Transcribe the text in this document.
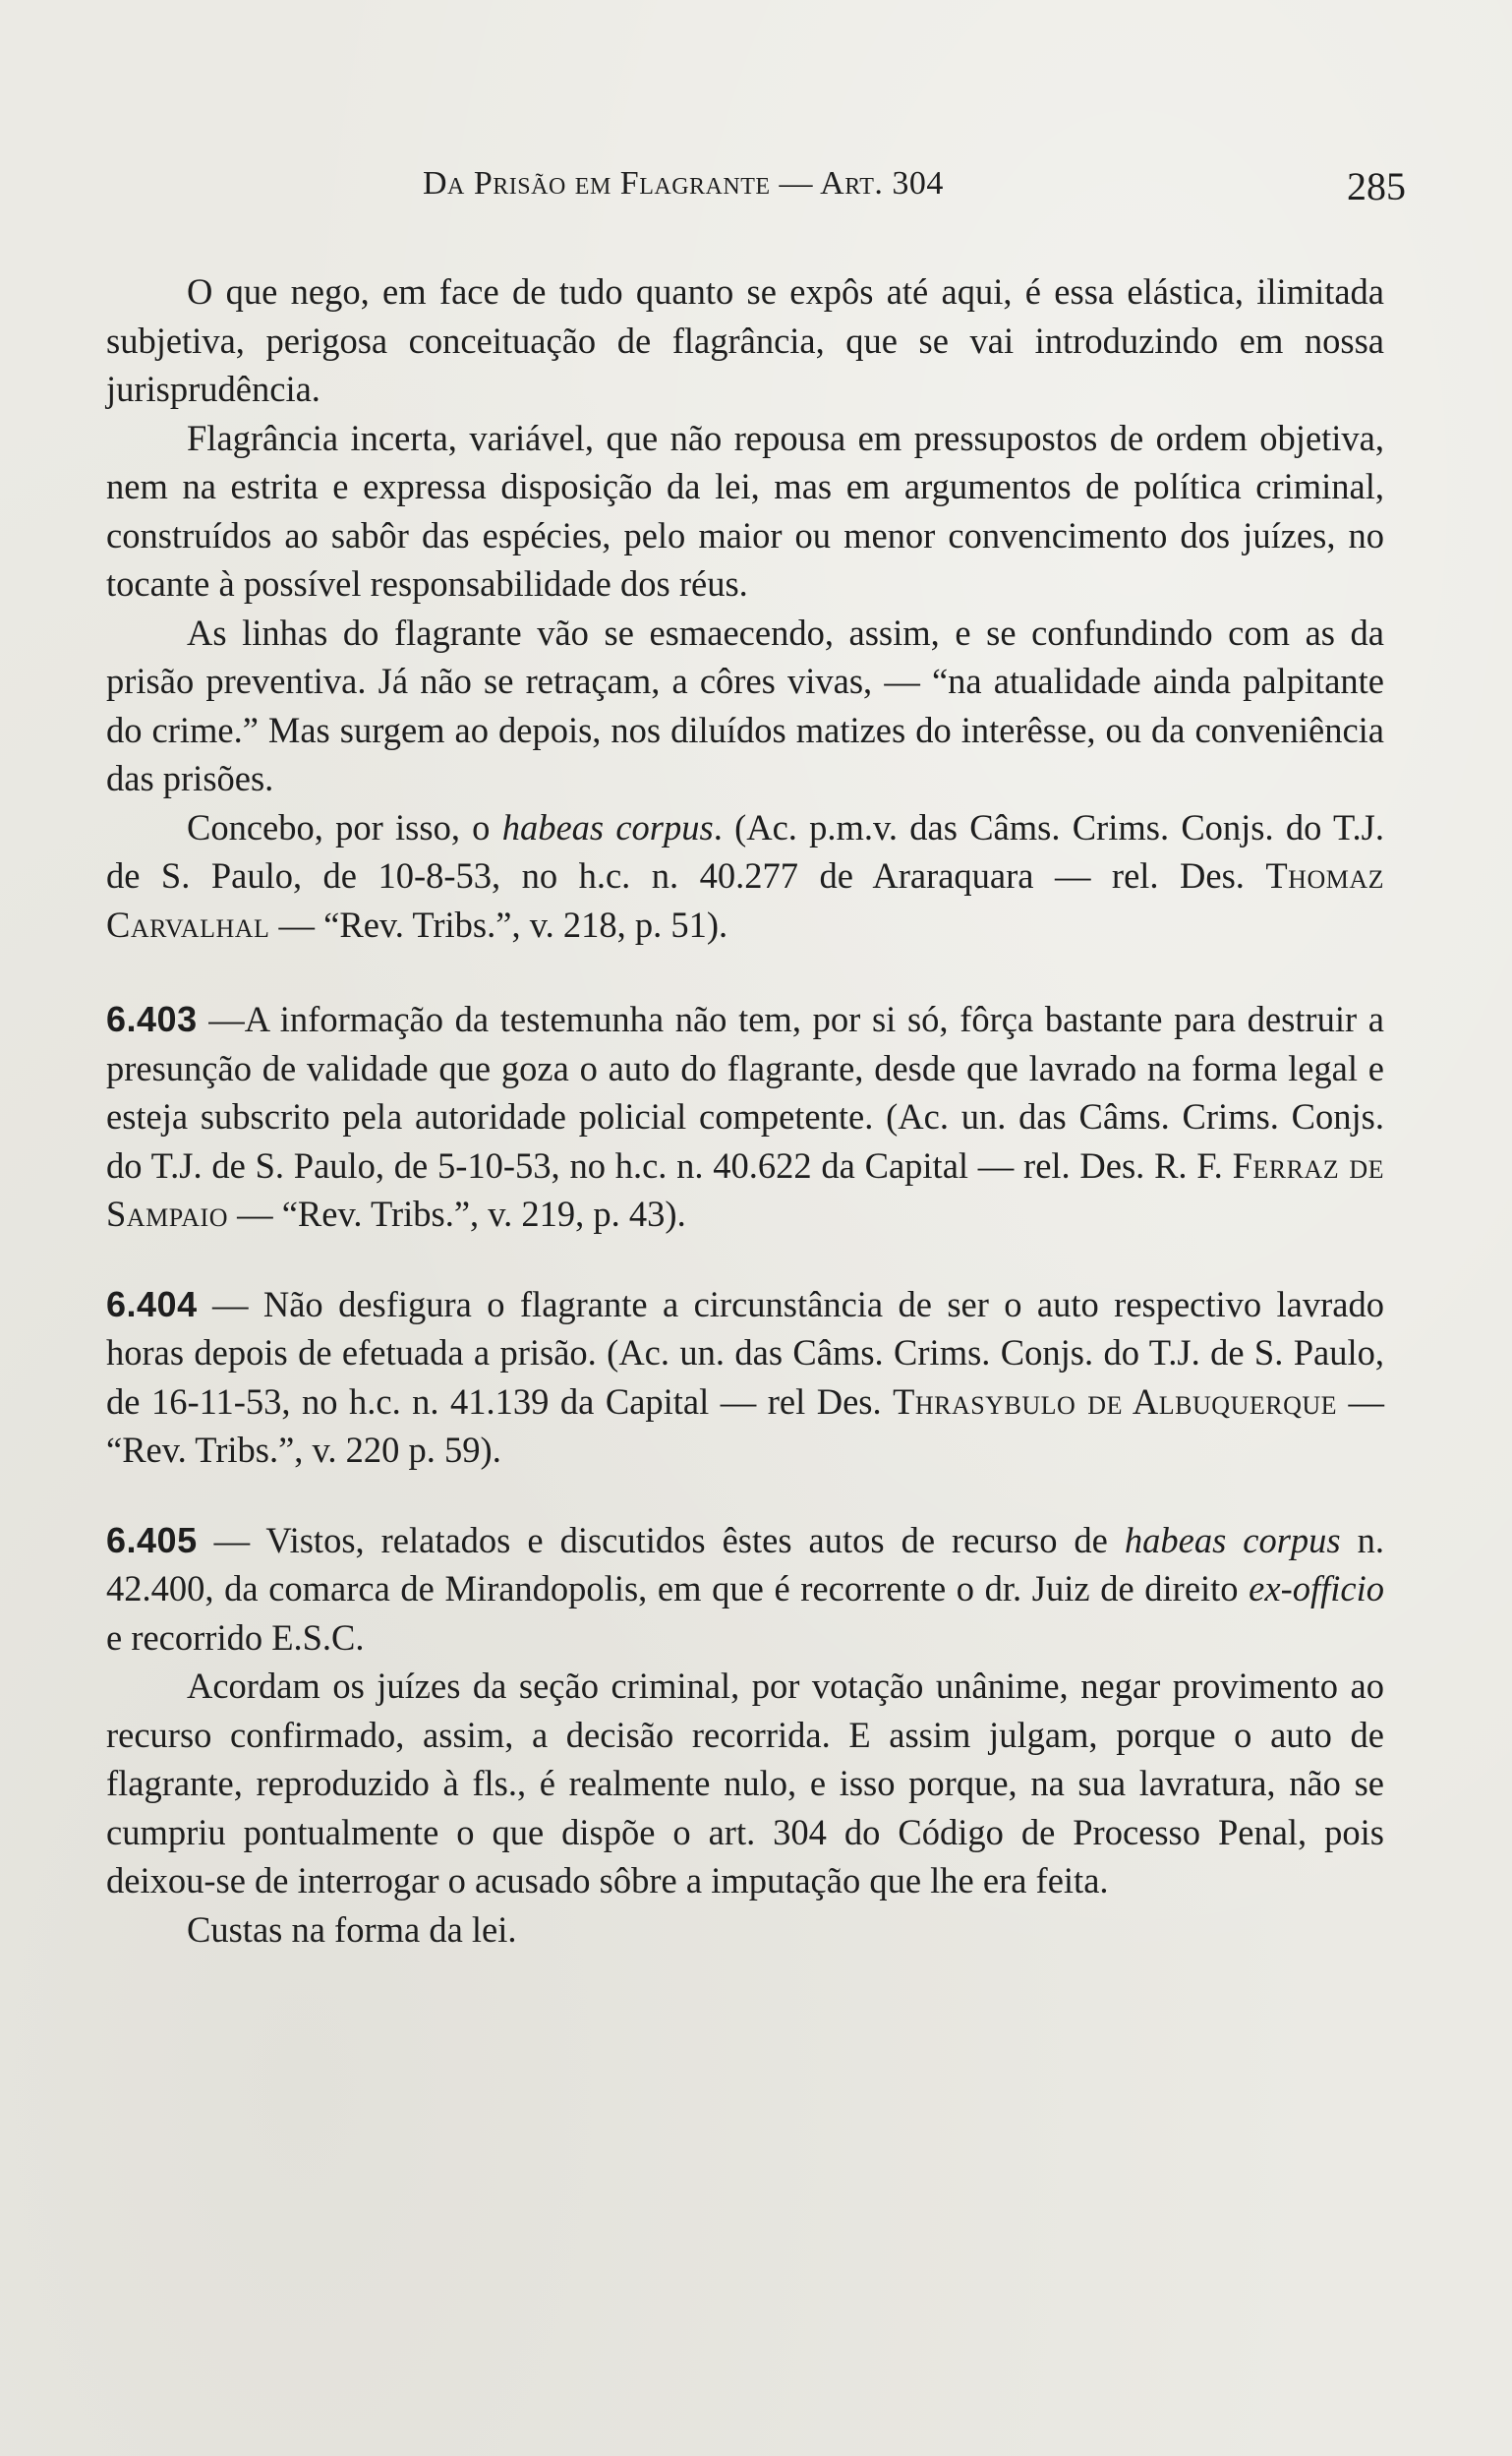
Da Prisão em Flagrante — Art. 304	285

O que nego, em face de tudo quanto se expôs até aqui, é essa elástica, ilimitada subjetiva, perigosa conceituação de flagrância, que se vai introduzindo em nossa jurisprudência.

Flagrância incerta, variável, que não repousa em pressupostos de ordem objetiva, nem na estrita e expressa disposição da lei, mas em argumentos de política criminal, construídos ao sabôr das espécies, pelo maior ou menor convencimento dos juízes, no tocante à possível responsabilidade dos réus.

As linhas do flagrante vão se esmaecendo, assim, e se confundindo com as da prisão preventiva. Já não se retraçam, a côres vivas, — “na atualidade ainda palpitante do crime.” Mas surgem ao depois, nos diluídos matizes do interêsse, ou da conveniência das prisões.

Concebo, por isso, o habeas corpus. (Ac. p.m.v. das Câms. Crims. Conjs. do T.J. de S. Paulo, de 10-8-53, no h.c. n. 40.277 de Araraquara — rel. Des. Thomaz Carvalhal — “Rev. Tribs.”, v. 218, p. 51).

6.403 —A informação da testemunha não tem, por si só, fôrça bastante para destruir a presunção de validade que goza o auto do flagrante, desde que lavrado na forma legal e esteja subscrito pela autoridade policial competente. (Ac. un. das Câms. Crims. Conjs. do T.J. de S. Paulo, de 5-10-53, no h.c. n. 40.622 da Capital — rel. Des. R. F. Ferraz de Sampaio — “Rev. Tribs.”, v. 219, p. 43).

6.404 — Não desfigura o flagrante a circunstância de ser o auto respectivo lavrado horas depois de efetuada a prisão. (Ac. un. das Câms. Crims. Conjs. do T.J. de S. Paulo, de 16-11-53, no h.c. n. 41.139 da Capital — rel Des. Thrasybulo de Albuquerque — “Rev. Tribs.”, v. 220 p. 59).

6.405 — Vistos, relatados e discutidos êstes autos de recurso de habeas corpus n. 42.400, da comarca de Mirandopolis, em que é recorrente o dr. Juiz de direito ex-officio e recorrido E.S.C.

Acordam os juízes da seção criminal, por votação unânime, negar provimento ao recurso confirmado, assim, a decisão recorrida. E assim julgam, porque o auto de flagrante, reproduzido à fls., é realmente nulo, e isso porque, na sua lavratura, não se cumpriu pontualmente o que dispõe o art. 304 do Código de Processo Penal, pois deixou-se de interrogar o acusado sôbre a imputação que lhe era feita.

Custas na forma da lei.
